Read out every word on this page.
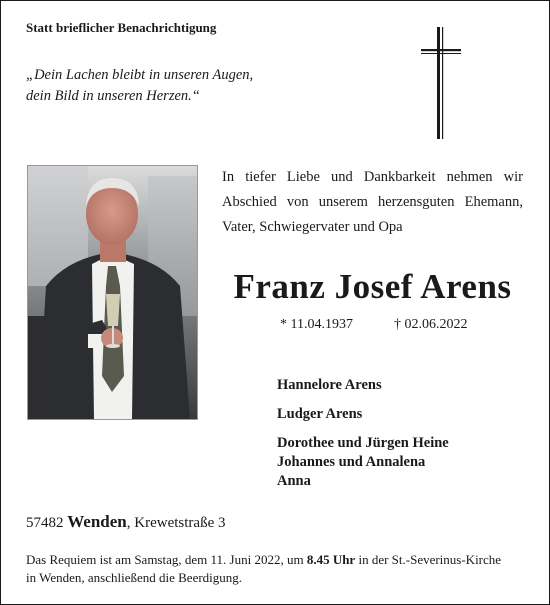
Statt brieflicher Benachrichtigung
„Dein Lachen bleibt in unseren Augen,
dein Bild in unseren Herzen.“
In tiefer Liebe und Dankbarkeit nehmen wir
Abschied von unserem herzensguten Ehemann,
Vater, Schwiegervater und Opa
Franz Josef Arens
* 11.04.1937	† 02.06.2022
Hannelore Arens
Ludger Arens
Dorothee und Jürgen Heine
Johannes und Annalena
Anna
57482 Wenden, Krewetstraße 3
Das Requiem ist am Samstag, dem 11. Juni 2022, um 8.45 Uhr in der St.-Severinus-Kirche
in Wenden, anschließend die Beerdigung.
